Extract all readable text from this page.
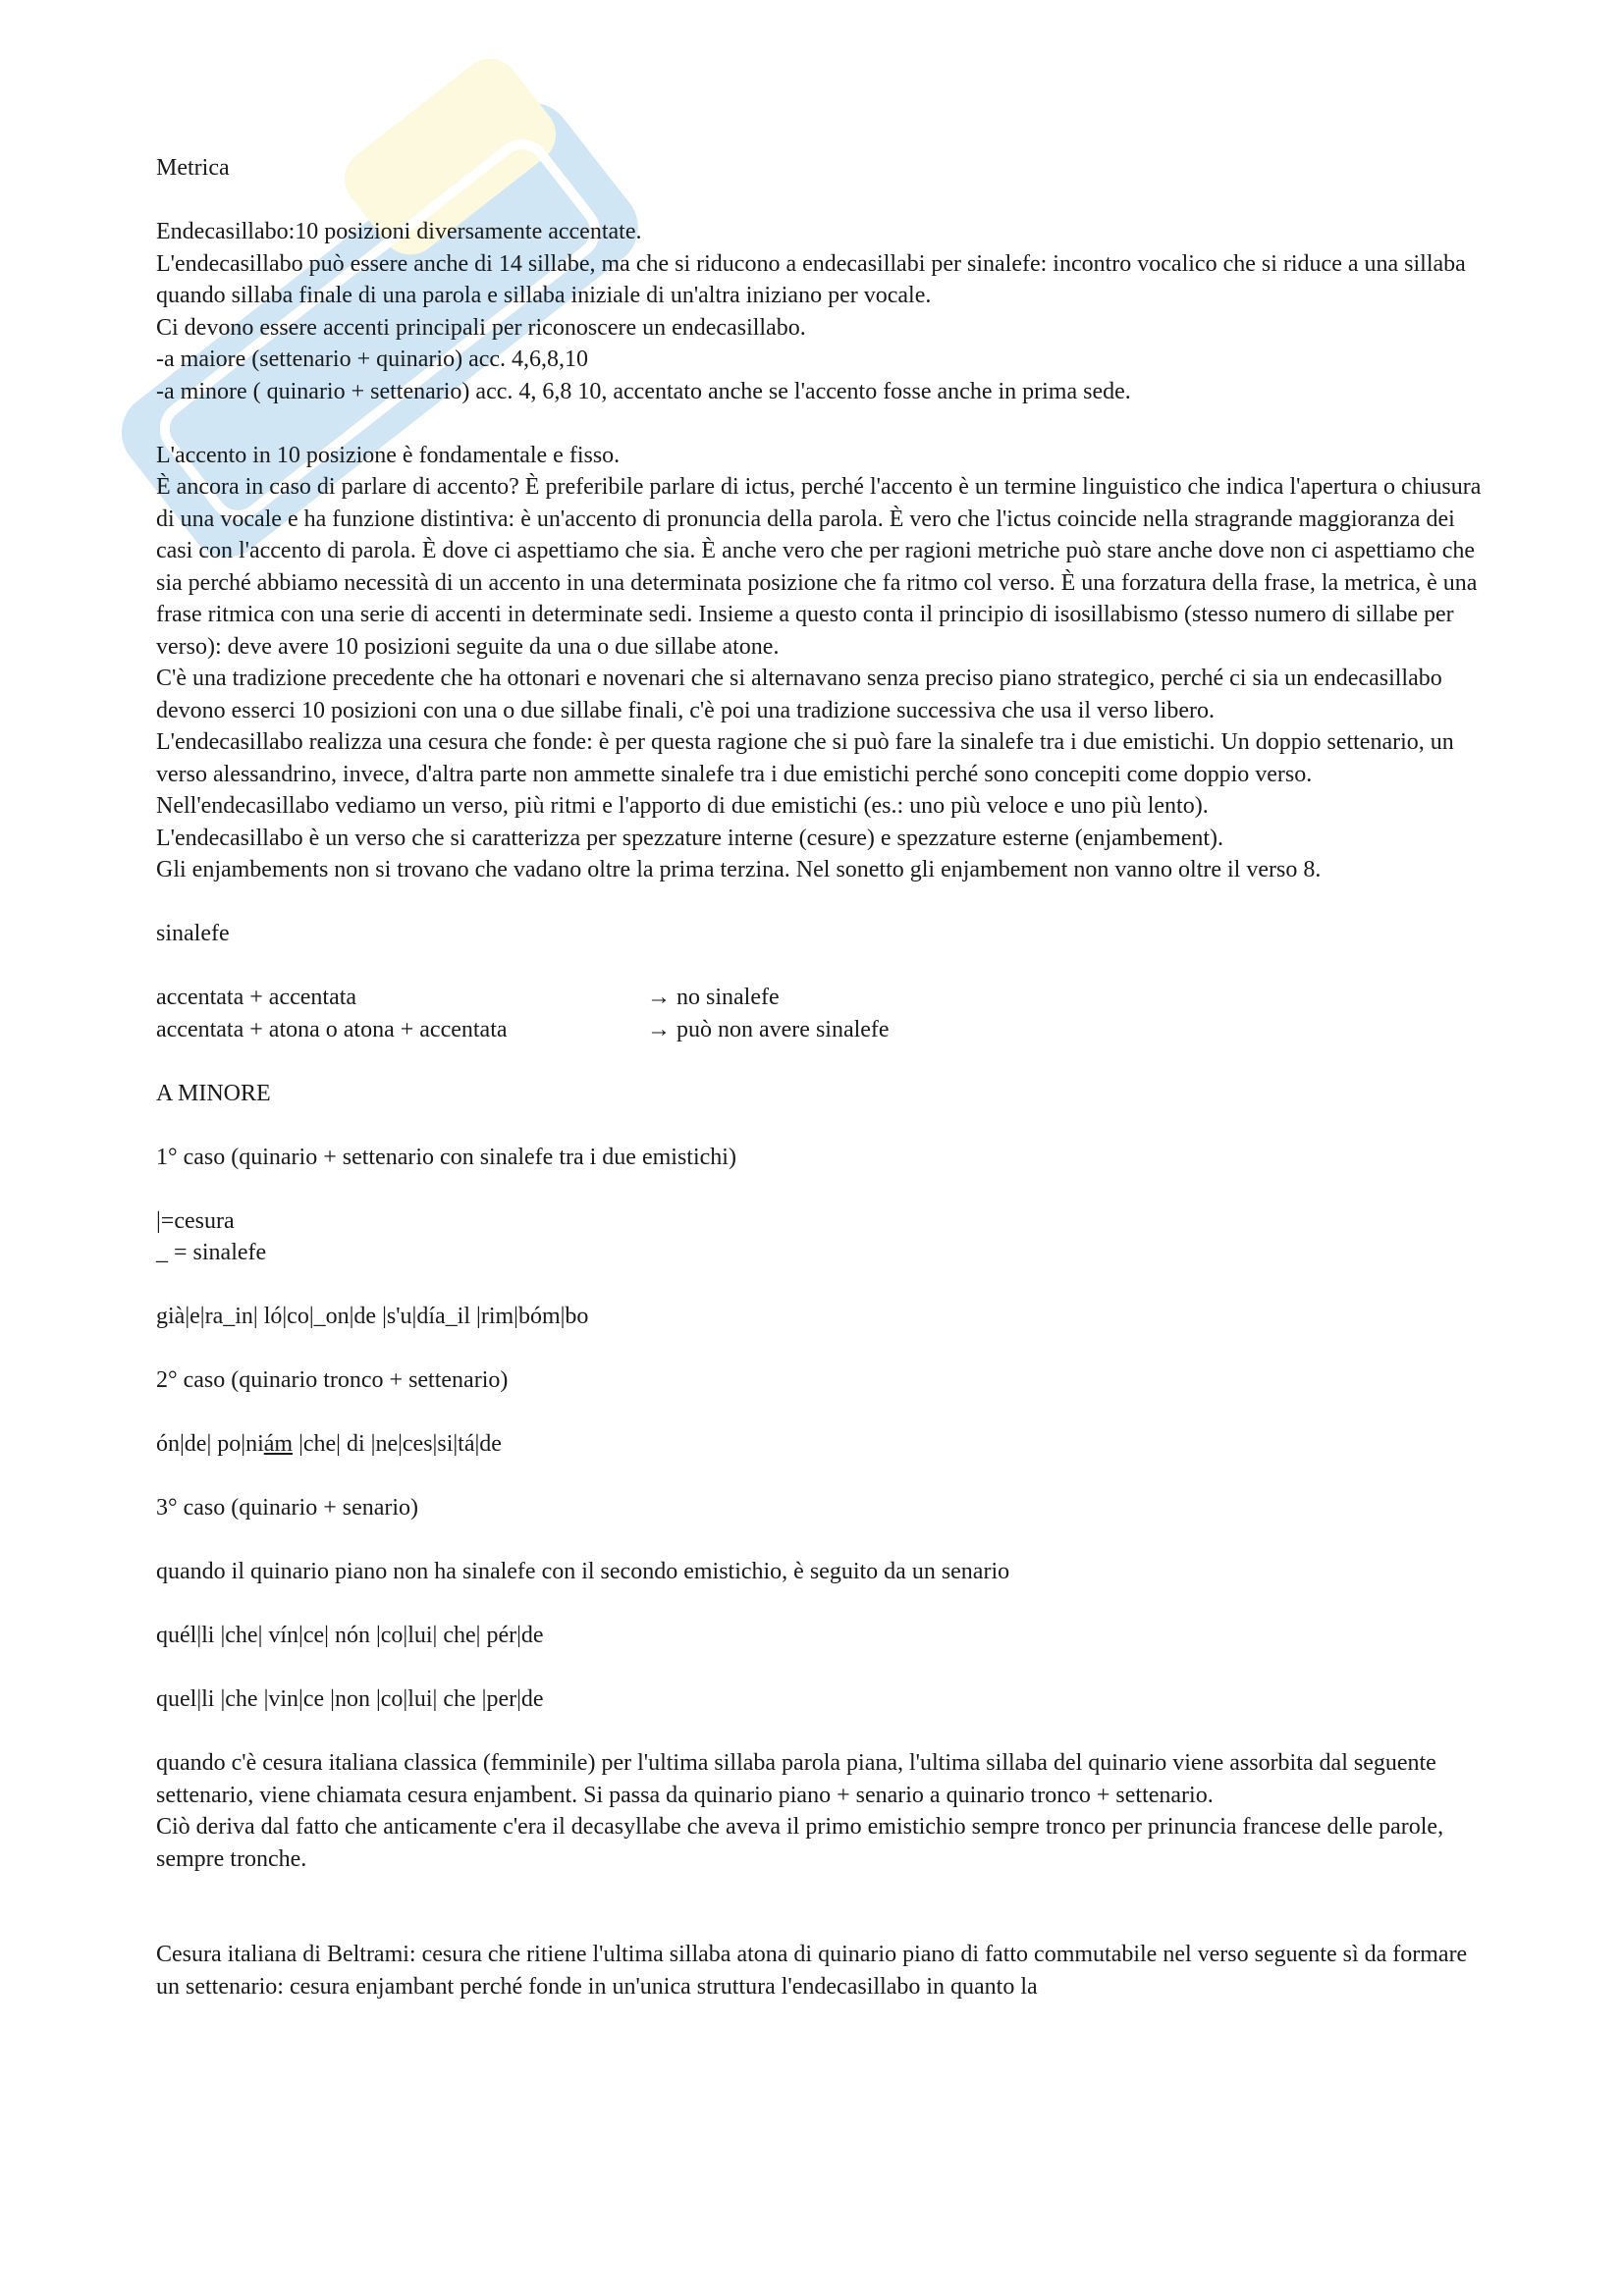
Metrica

Endecasillabo:10 posizioni diversamente accentate.

L'endecasillabo può essere anche di 14 sillabe, ma che si riducono a endecasillabi per sinalefe: incontro vocalico che si riduce a una sillaba quando sillaba finale di una parola e sillaba iniziale di un'altra iniziano per vocale.

Ci devono essere accenti principali per riconoscere un endecasillabo.

-a maiore (settenario + quinario) acc. 4,6,8,10

-a minore ( quinario + settenario) acc. 4, 6,8 10, accentato anche se l'accento fosse anche in prima sede.

L'accento in 10 posizione è fondamentale e fisso.

È ancora in caso di parlare di accento? È preferibile parlare di ictus, perché l'accento è un termine linguistico che indica l'apertura o chiusura di una vocale e ha funzione distintiva: è un'accento di pronuncia della parola. È vero che l'ictus coincide nella stragrande maggioranza dei casi con l'accento di parola. È dove ci aspettiamo che sia. È anche vero che per ragioni metriche può stare anche dove non ci aspettiamo che sia perché abbiamo necessità di un accento in una determinata posizione che fa ritmo col verso. È una forzatura della frase, la metrica, è una frase ritmica con una serie di accenti in determinate sedi. Insieme a questo conta il principio di isosillabismo (stesso numero di sillabe per verso): deve avere 10 posizioni seguite da una o due sillabe atone.

C'è una tradizione precedente che ha ottonari e novenari che si alternavano senza preciso piano strategico, perché ci sia un endecasillabo devono esserci 10 posizioni con una o due sillabe finali, c'è poi una tradizione successiva che usa il verso libero.

L'endecasillabo realizza una cesura che fonde: è per questa ragione che si può fare la sinalefe tra i due emistichi. Un doppio settenario, un verso alessandrino, invece, d'altra parte non ammette sinalefe tra i due emistichi perché sono concepiti come doppio verso.

Nell'endecasillabo vediamo un verso, più ritmi e l'apporto di due emistichi (es.: uno più veloce e uno più lento).

L'endecasillabo è un verso che si caratterizza per spezzature interne (cesure) e spezzature esterne (enjambement).

Gli enjambements non si trovano che vadano oltre la prima terzina. Nel sonetto gli enjambement non vanno oltre il verso 8.

sinalefe

accentata + accentata	→ no sinalefe
accentata + atona o atona + accentata	→ può non avere sinalefe

A MINORE

1° caso (quinario + settenario con sinalefe tra i due emistichi)

|=cesura

_ = sinalefe

già|e|ra_in| ló|co|_on|de |s'u|día_il |rim|bóm|bo

2° caso (quinario tronco + settenario)

ón|de| po|niám |che| di |ne|ces|si|tá|de

3° caso (quinario + senario)

quando il quinario piano non ha sinalefe con il secondo emistichio, è seguito da un senario

quél|li |che| vín|ce| nón |co|lui| che| pér|de

quel|li |che |vin|ce |non |co|lui| che |per|de

quando c'è cesura italiana classica (femminile) per l'ultima sillaba parola piana, l'ultima sillaba del quinario viene assorbita dal seguente settenario, viene chiamata cesura enjambent. Si passa da quinario piano + senario a quinario tronco + settenario.

Ciò deriva dal fatto che anticamente c'era il decasyllabe che aveva il primo emistichio sempre tronco per prinuncia francese delle parole, sempre tronche.

Cesura italiana di Beltrami: cesura che ritiene l'ultima sillaba atona di quinario piano di fatto commutabile nel verso seguente sì da formare un settenario: cesura enjambant perché fonde in un'unica struttura l'endecasillabo in quanto la
